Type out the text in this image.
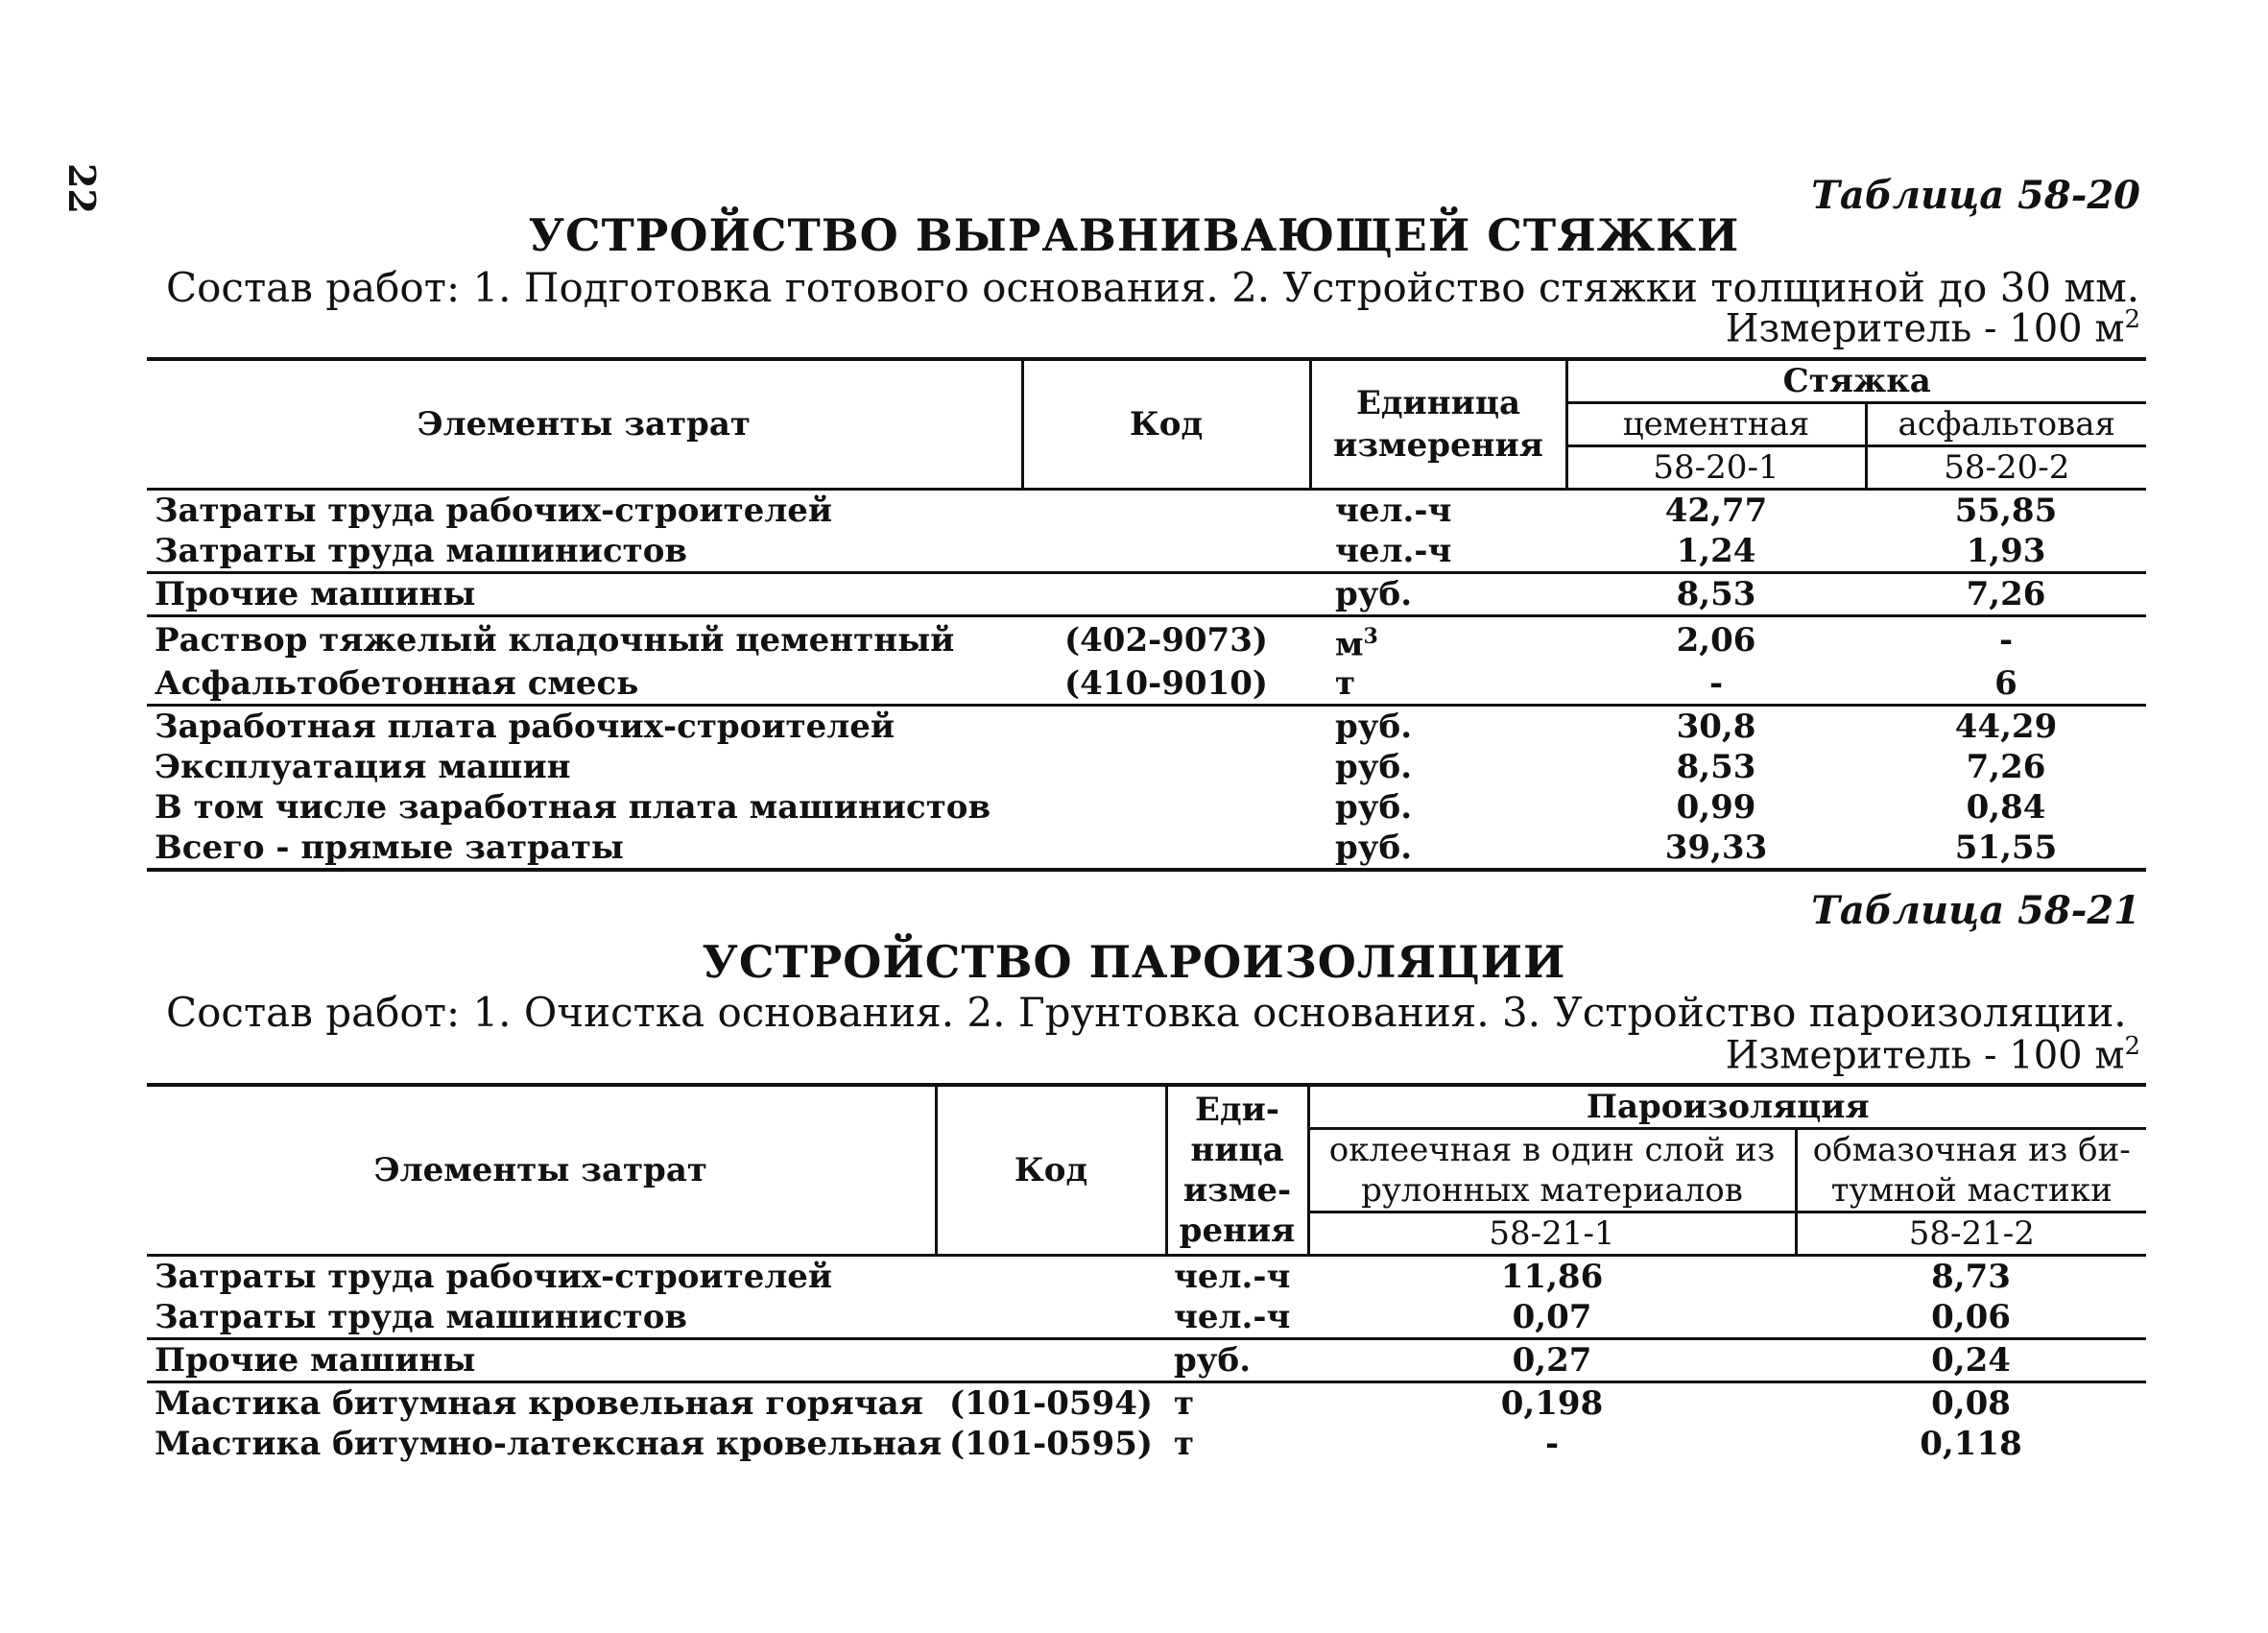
22	Таблица 58-20
УСТРОЙСТВО ВЫРАВНИВАЮЩЕЙ СТЯЖКИ
Состав работ: 1. Подготовка готового основания. 2. Устройство стяжки толщиной до 30 мм.
Измеритель - 100 $м^2$
Элементы затрат	Код	Единица измерения	Стяжка	
			цементная	асфальтовая
			58-20-1	58-20-2
Затраты труда рабочих-строителей		чел.-ч	42,77	55,85
Затраты труда машинистов		чел.-ч	1,24	1,93
Прочие машины		руб.	8,53	7,26
Раствор тяжелый кладочный цементный	(402-9073)	$м^3$	2,06	-
Асфальтобетонная смесь	(410-9010)	т	-	6
Заработная плата рабочих-строителей		руб.	30,8	44,29
Эксплуатация машин		руб.	8,53	7,26
В том числе заработная плата машинистов		руб.	0,99	0,84
Всего - прямые затраты		руб.	39,33	51,55
Таблица 58-21
УСТРОЙСТВО ПАРОИЗОЛЯЦИИ
Состав работ: 1. Очистка основания. 2. Грунтовка основания. 3. Устройство пароизоляции.
Измеритель - 100 $м^2$
Элементы затрат	Код	Еди-
ница
изме-
рения	Пароизоляция	
			оклеечная в один слой из	обмазочная из би-
			рулонных материалов	тумной мастики
			58-21-1	58-21-2
Затраты труда рабочих-строителей		чел.-ч	11,86	8,73
Затраты труда машинистов		чел.-ч	0,07	0,06
Прочие машины		руб.	0,27	0,24
Мастика битумная кровельная горячая	(101-0594)	т	0,198	0,08
Мастика битумно-латексная кровельная	(101-0595)	т	-	0,118
